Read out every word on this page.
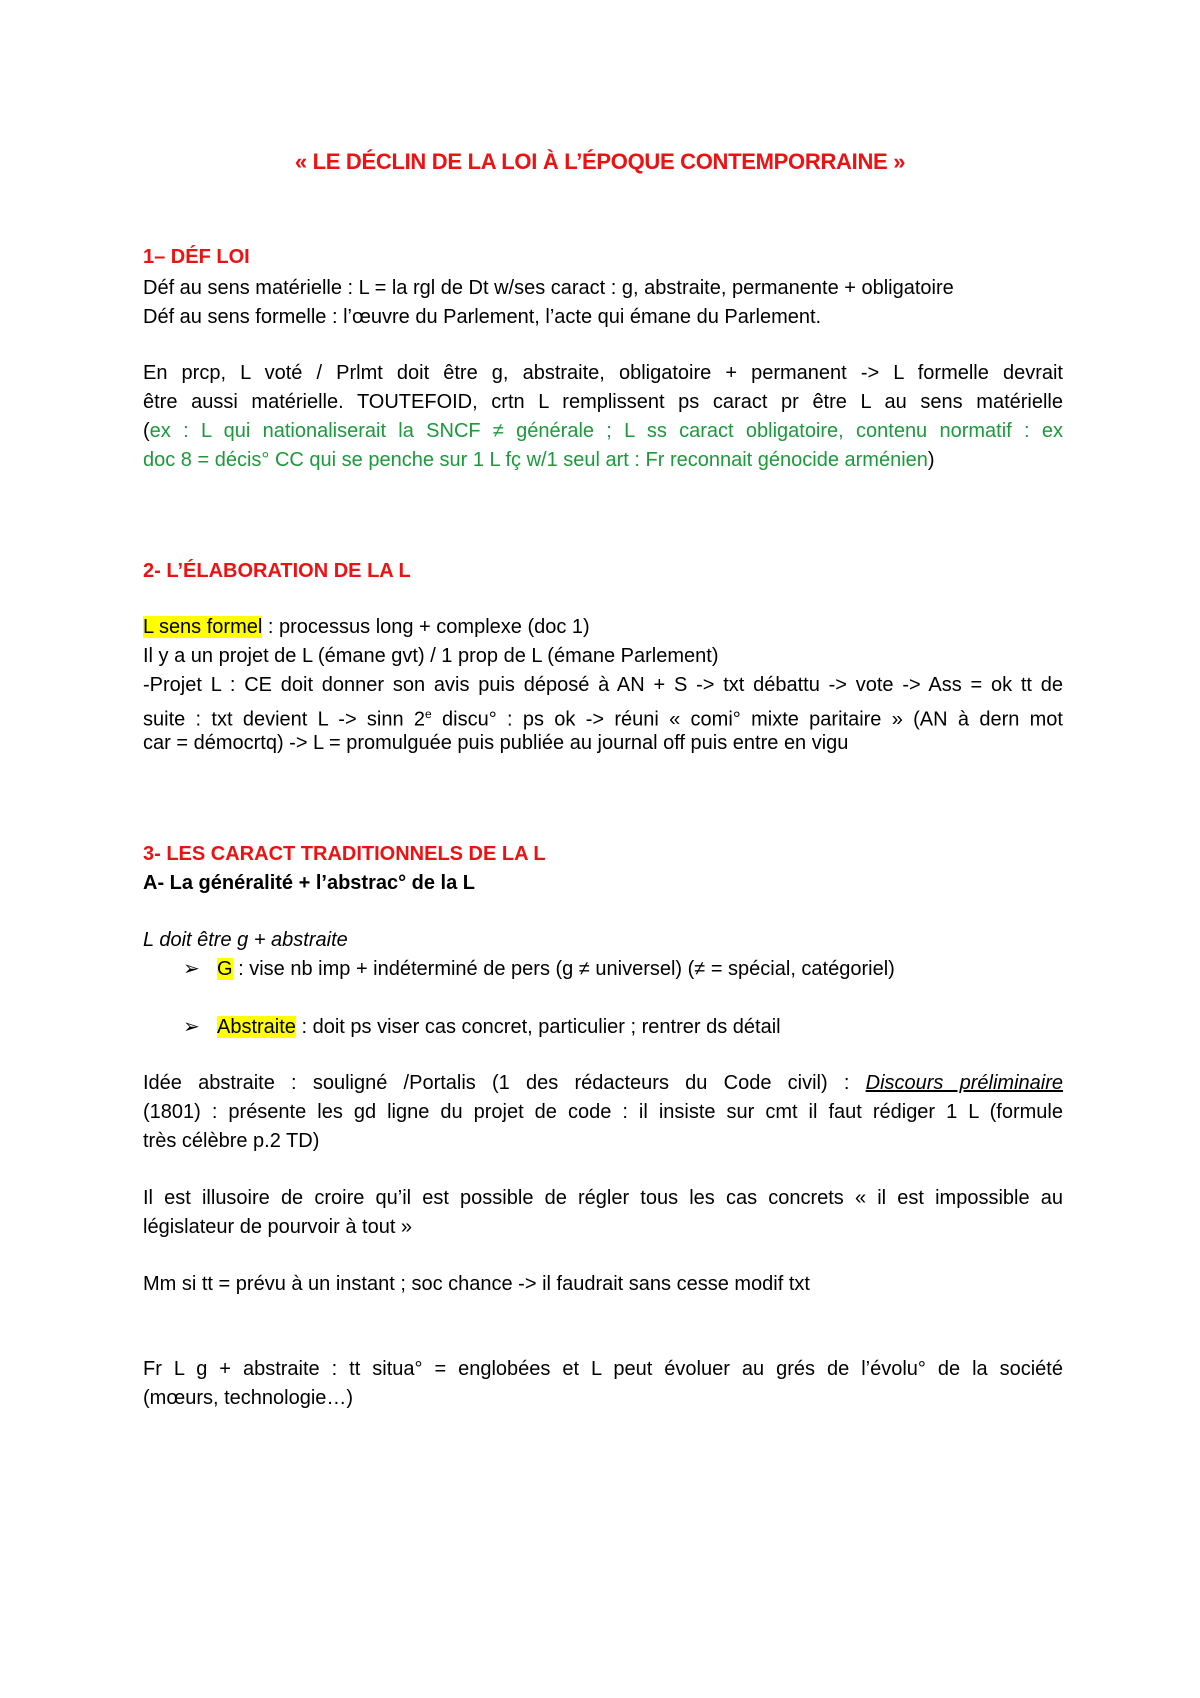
« LE DÉCLIN DE LA LOI À L’ÉPOQUE CONTEMPORRAINE »
1– DÉF LOI
Déf au sens matérielle : L = la rgl de Dt w/ses caract : g, abstraite, permanente + obligatoire
Déf au sens formelle : l’œuvre du Parlement, l’acte qui émane du Parlement.
En prcp, L voté / Prlmt doit être g, abstraite, obligatoire + permanent -> L formelle devrait
être aussi matérielle. TOUTEFOID, crtn L remplissent ps caract pr être L au sens matérielle
(ex : L qui nationaliserait la SNCF ≠ générale ; L ss caract obligatoire, contenu normatif : ex
doc 8 = décis° CC qui se penche sur 1 L fç w/1 seul art : Fr reconnait génocide arménien)
2- L’ÉLABORATION DE LA L
L sens formel : processus long + complexe (doc 1)
Il y a un projet de L (émane gvt) / 1 prop de L (émane Parlement)
-Projet L : CE doit donner son avis puis déposé à AN + S -> txt débattu -> vote -> Ass = ok tt de
suite : txt devient L -> sinn 2e discu° : ps ok -> réuni « comi° mixte paritaire » (AN à dern mot
car = démocrtq) -> L = promulguée puis publiée au journal off puis entre en vigu
3- LES CARACT TRADITIONNELS DE LA L
A- La généralité + l’abstrac° de la L
L doit être g + abstraite
➢ G : vise nb imp + indéterminé de pers (g ≠ universel) (≠ = spécial, catégoriel)
➢ Abstraite : doit ps viser cas concret, particulier ; rentrer ds détail
Idée abstraite : souligné /Portalis (1 des rédacteurs du Code civil) : Discours préliminaire
(1801) : présente les gd ligne du projet de code : il insiste sur cmt il faut rédiger 1 L (formule
très célèbre p.2 TD)
Il est illusoire de croire qu’il est possible de régler tous les cas concrets « il est impossible au
législateur de pourvoir à tout »
Mm si tt = prévu à un instant ; soc chance -> il faudrait sans cesse modif txt
Fr L g + abstraite : tt situa° = englobées et L peut évoluer au grés de l’évolu° de la société
(mœurs, technologie…)
